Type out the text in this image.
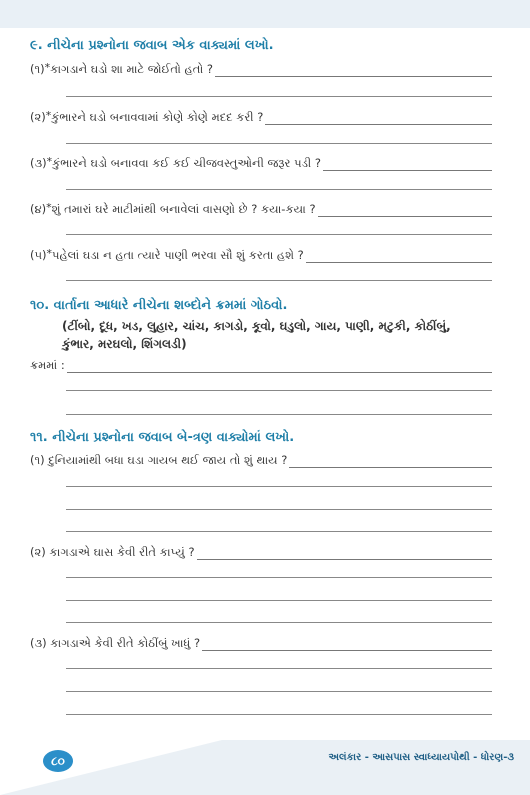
૯. નીચેના પ્રશ્નોના જવાબ એક વાક્યમાં લખો.
(૧) * કાગડાને ઘડો શા માટે જોઈતો હતો ?
(૨) * કુંભારને ઘડો બનાવવામાં કોણે કોણે મદદ કરી ?
(૩) * કુંભારને ઘડો બનાવવા કઈ કઈ ચીજવસ્તુઓની જરૂર પડી ?
(૪) * શું તમારાં ઘરે માટીમાંથી બનાવેલાં વાસણો છે ? કયા-કયા ?
(૫) * પહેલાં ઘડા ન હતા ત્યારે પાણી ભરવા સૌ શું કરતા હશે ?
૧૦. વાર્તાના આધારે નીચેના શબ્દોને ક્રમમાં ગોઠવો.
(ટીંબો, દૂધ, ખડ, લુહાર, ચાંચ, કાગડો, કૂવો, ઘડુલો, ગાય, પાણી, મટુકી, કોઠીંબું, કુંભાર, મરઘલો, શિંગલડી)
ક્રમમાં :
૧૧. નીચેના પ્રશ્નોના જવાબ બે-ત્રણ વાક્યોમાં લખો.
(૧)
દુનિયામાંથી બધા ઘડા ગાયબ થઈ જાય તો શું થાય ?
(૨)
કાગડાએ ઘાસ કેવી રીતે કાપ્યું ?
(૩)
કાગડાએ કેવી રીતે કોઠીંબું ખાધું ?
૮૦	અલંકાર - આસપાસ સ્વાધ્યાયપોથી - ધોરણ-૩
